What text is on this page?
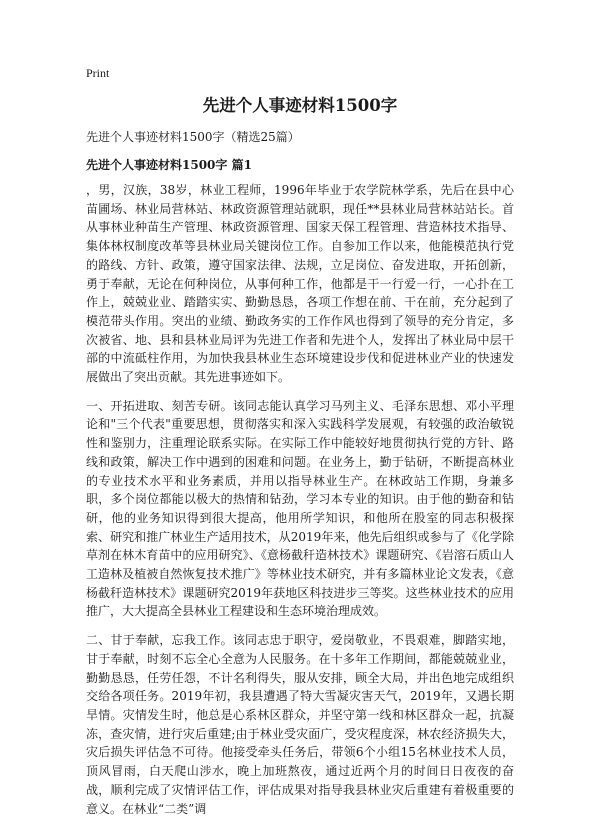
Print
先进个人事迹材料1500字
先进个人事迹材料1500字（精选25篇）
先进个人事迹材料1500字 篇1

，男，汉族，38岁，林业工程师，1996年毕业于农学院林学系，先后在县中心苗圃场、林业局营林站、林政资源管理站就职，现任**县林业局营林站站长。首从事林业种苗生产管理、林政资源管理、国家天保工程管理、营造林技术指导、集体林权制度改革等县林业局关键岗位工作。自参加工作以来，他能模范执行党的路线、方针、政策，遵守国家法律、法规，立足岗位、奋发进取，开拓创新，勇于奉献，无论在何种岗位，从事何种工作，他都是干一行爱一行，一心扑在工作上，兢兢业业、踏踏实实、勤勤恳恳，各项工作想在前、干在前，充分起到了模范带头作用。突出的业绩、勤政务实的工作作风也得到了领导的充分肯定，多次被省、地、县和县林业局评为先进工作者和先进个人，发挥出了林业局中层干部的中流砥柱作用，为加快我县林业生态环境建设步伐和促进林业产业的快速发展做出了突出贡献。其先进事迹如下。

一、开拓进取、刻苦专研。该同志能认真学习马列主义、毛泽东思想、邓小平理论和"三个代表"重要思想，贯彻落实和深入实践科学发展观，有较强的政治敏锐性和鉴别力，注重理论联系实际。在实际工作中能较好地贯彻执行党的方针、路线和政策，解决工作中遇到的困难和问题。在业务上，勤于钻研，不断提高林业的专业技术水平和业务素质，并用以指导林业生产。在林政站工作期，身兼多职，多个岗位都能以极大的热情和钻劲，学习本专业的知识。由于他的勤奋和钻研，他的业务知识得到很大提高，他用所学知识，和他所在股室的同志积极探索、研究和推广林业生产适用技术，从2019年来，他先后组织或参与了《化学除草剂在林木育苗中的应用研究》、《意杨截秆造林技术》课题研究、《岩溶石质山人工造林及植被自然恢复技术推广》等林业技术研究，并有多篇林业论文发表，《意杨截秆造林技术》课题研究2019年获地区科技进步三等奖。这些林业技术的应用推广，大大提高全县林业工程建设和生态环境治理成效。

二、甘于奉献，忘我工作。该同志忠于职守，爱岗敬业，不畏艰难，脚踏实地，甘于奉献，时刻不忘全心全意为人民服务。在十多年工作期间，都能兢兢业业，勤勤恳恳，任劳任怨，不计名利得失，服从安排，顾全大局，并出色地完成组织交给各项任务。2019年初，我县遭遇了特大雪凝灾害天气，2019年，又遇长期旱情。灾情发生时，他总是心系林区群众，并坚守第一线和林区群众一起，抗凝冻，查灾情，进行灾后重建;由于林业受灾面广，受灾程度深，林农经济损失大，灾后损失评估急不可待。他接受牵头任务后，带领6个小组15名林业技术人员，顶风冒雨，白天爬山涉水，晚上加班熬夜，通过近两个月的时间日日夜夜的奋战，顺利完成了灾情评估工作，评估成果对指导我县林业灾后重建有着极重要的意义。在林业“二类”调
